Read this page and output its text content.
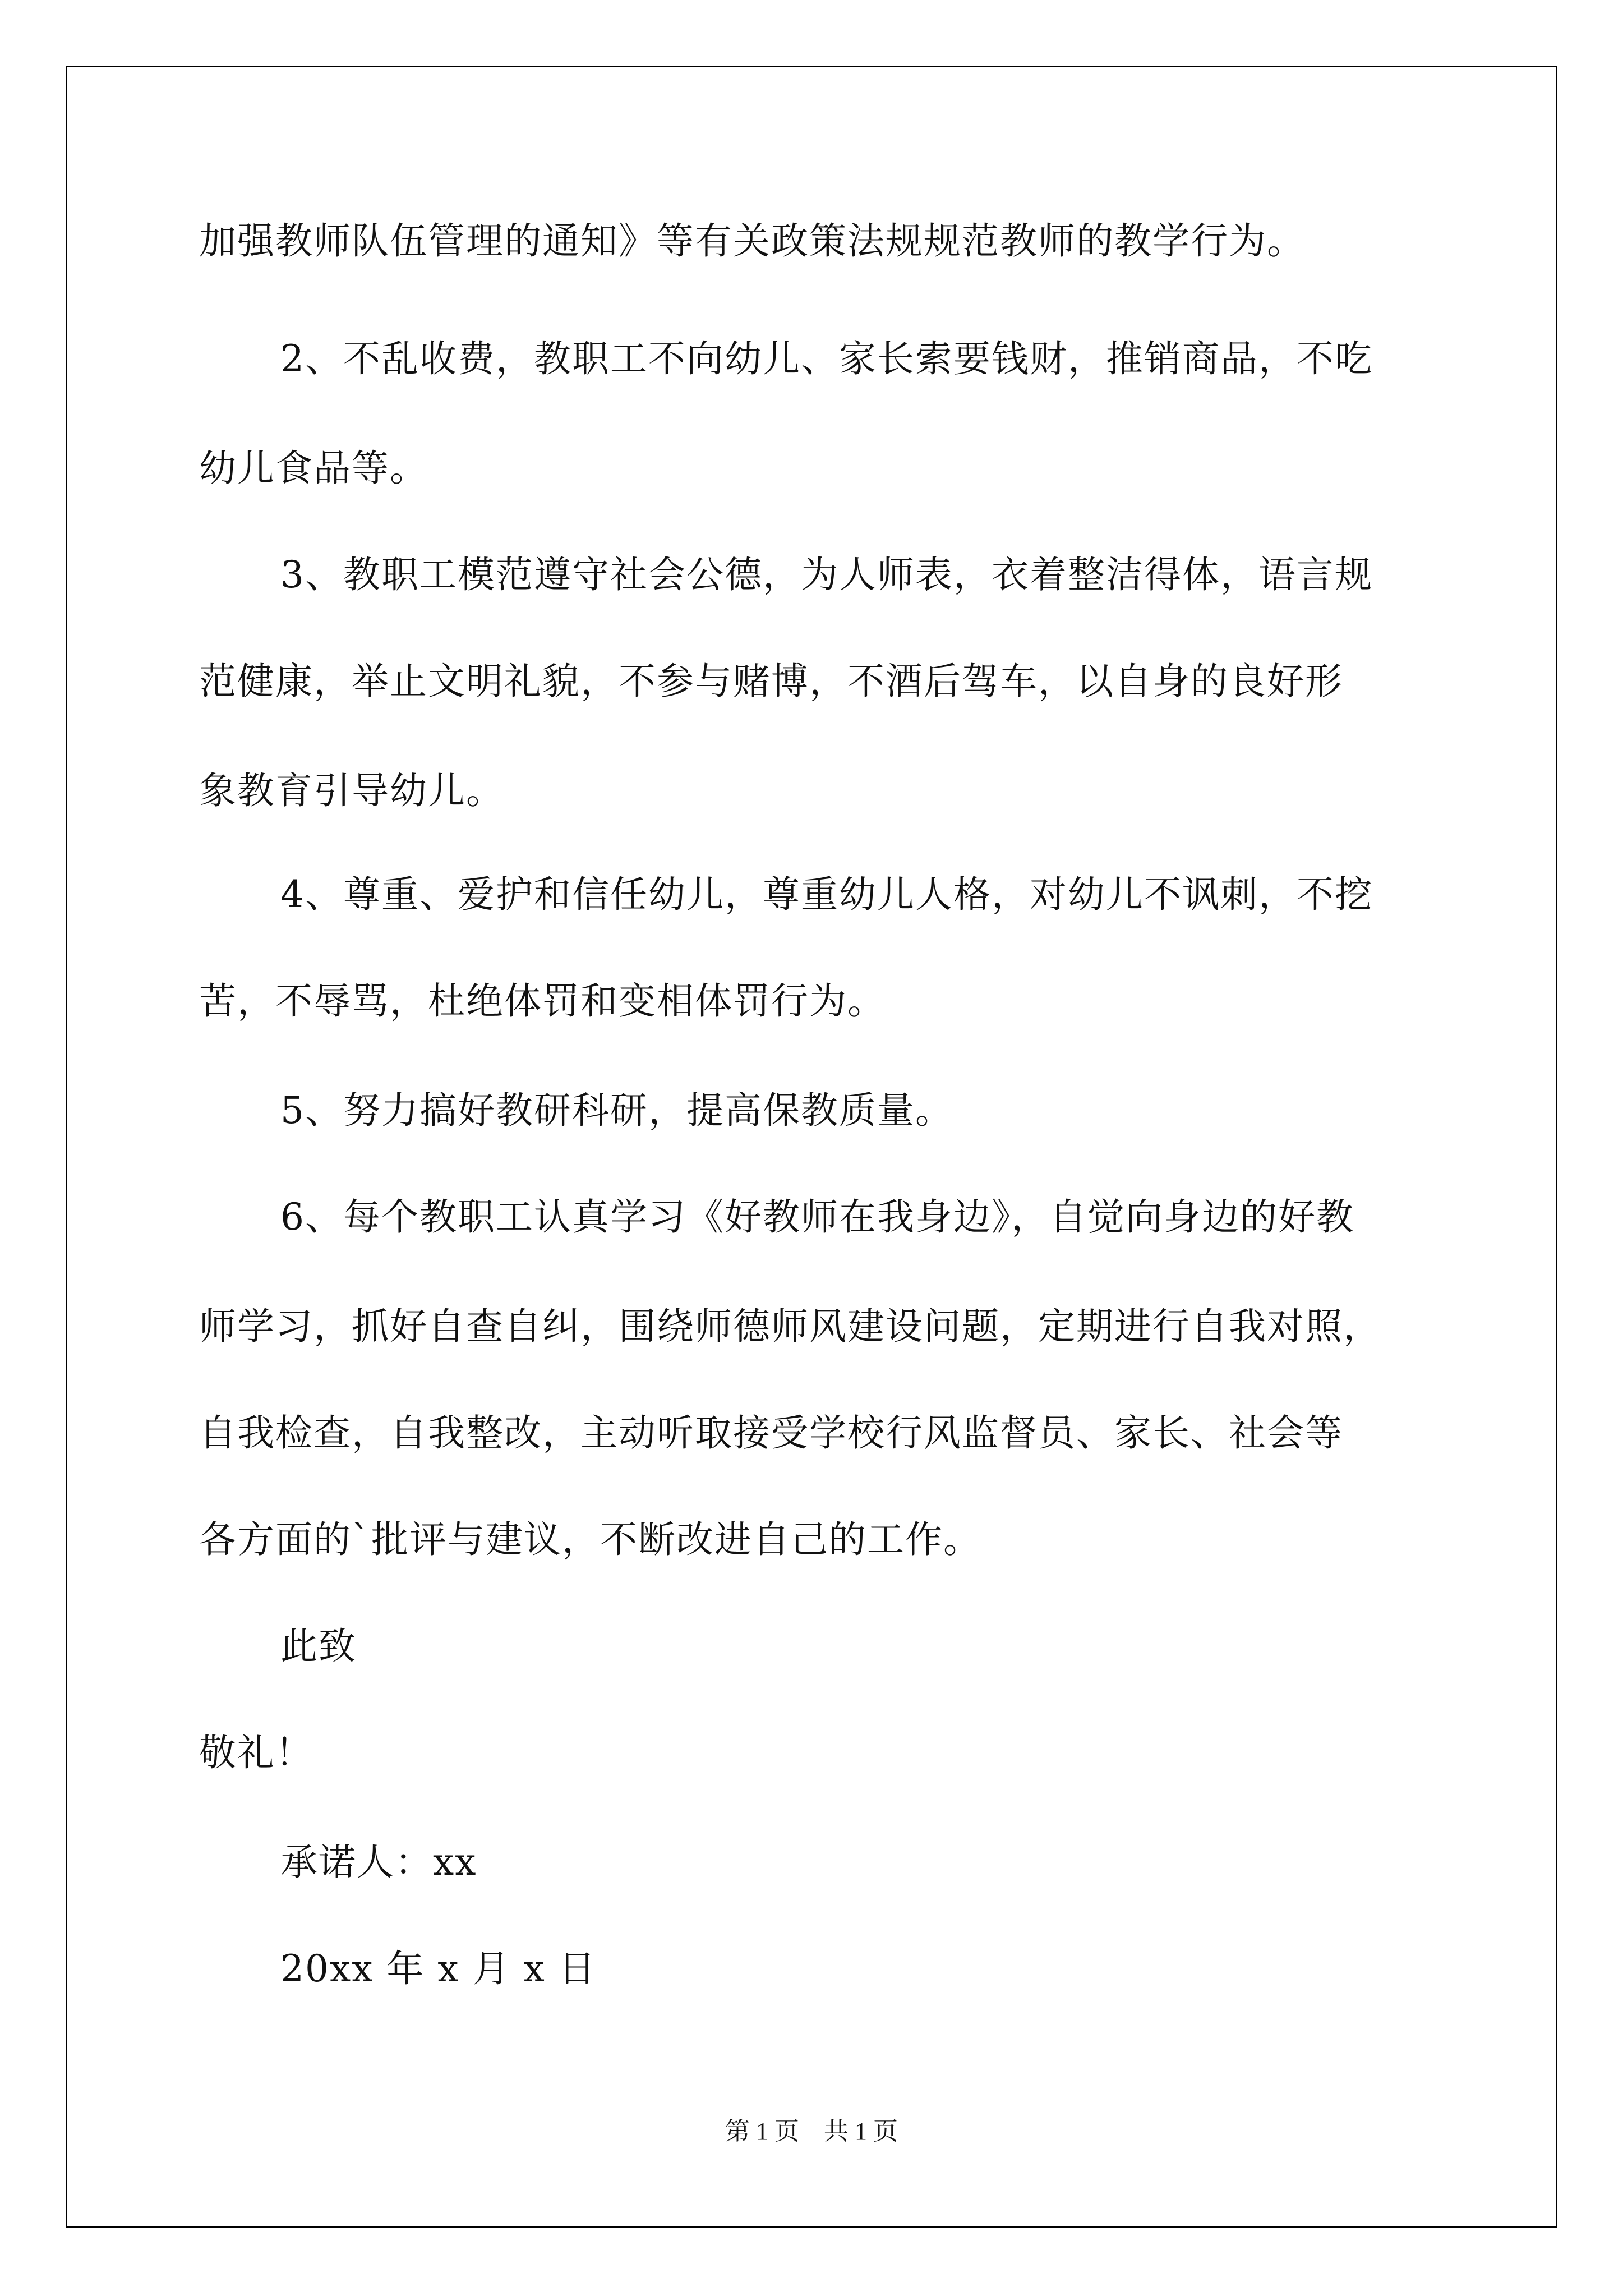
加强教师队伍管理的通知》等有关政策法规规范教师的教学行为。
2、不乱收费，教职工不向幼儿、家长索要钱财，推销商品，不吃
幼儿食品等。
3、教职工模范遵守社会公德，为人师表，衣着整洁得体，语言规
范健康，举止文明礼貌，不参与赌博，不酒后驾车，以自身的良好形
象教育引导幼儿。
4、尊重、爱护和信任幼儿，尊重幼儿人格，对幼儿不讽刺，不挖
苦，不辱骂，杜绝体罚和变相体罚行为。
5、努力搞好教研科研，提高保教质量。
6、每个教职工认真学习《好教师在我身边》，自觉向身边的好教
师学习，抓好自查自纠，围绕师德师风建设问题，定期进行自我对照，
自我检查，自我整改，主动听取接受学校行风监督员、家长、社会等
各方面的`批评与建议，不断改进自己的工作。
此致
敬礼！
承诺人：xx
20xx 年 x 月 x 日
第 1 页　共 1 页
